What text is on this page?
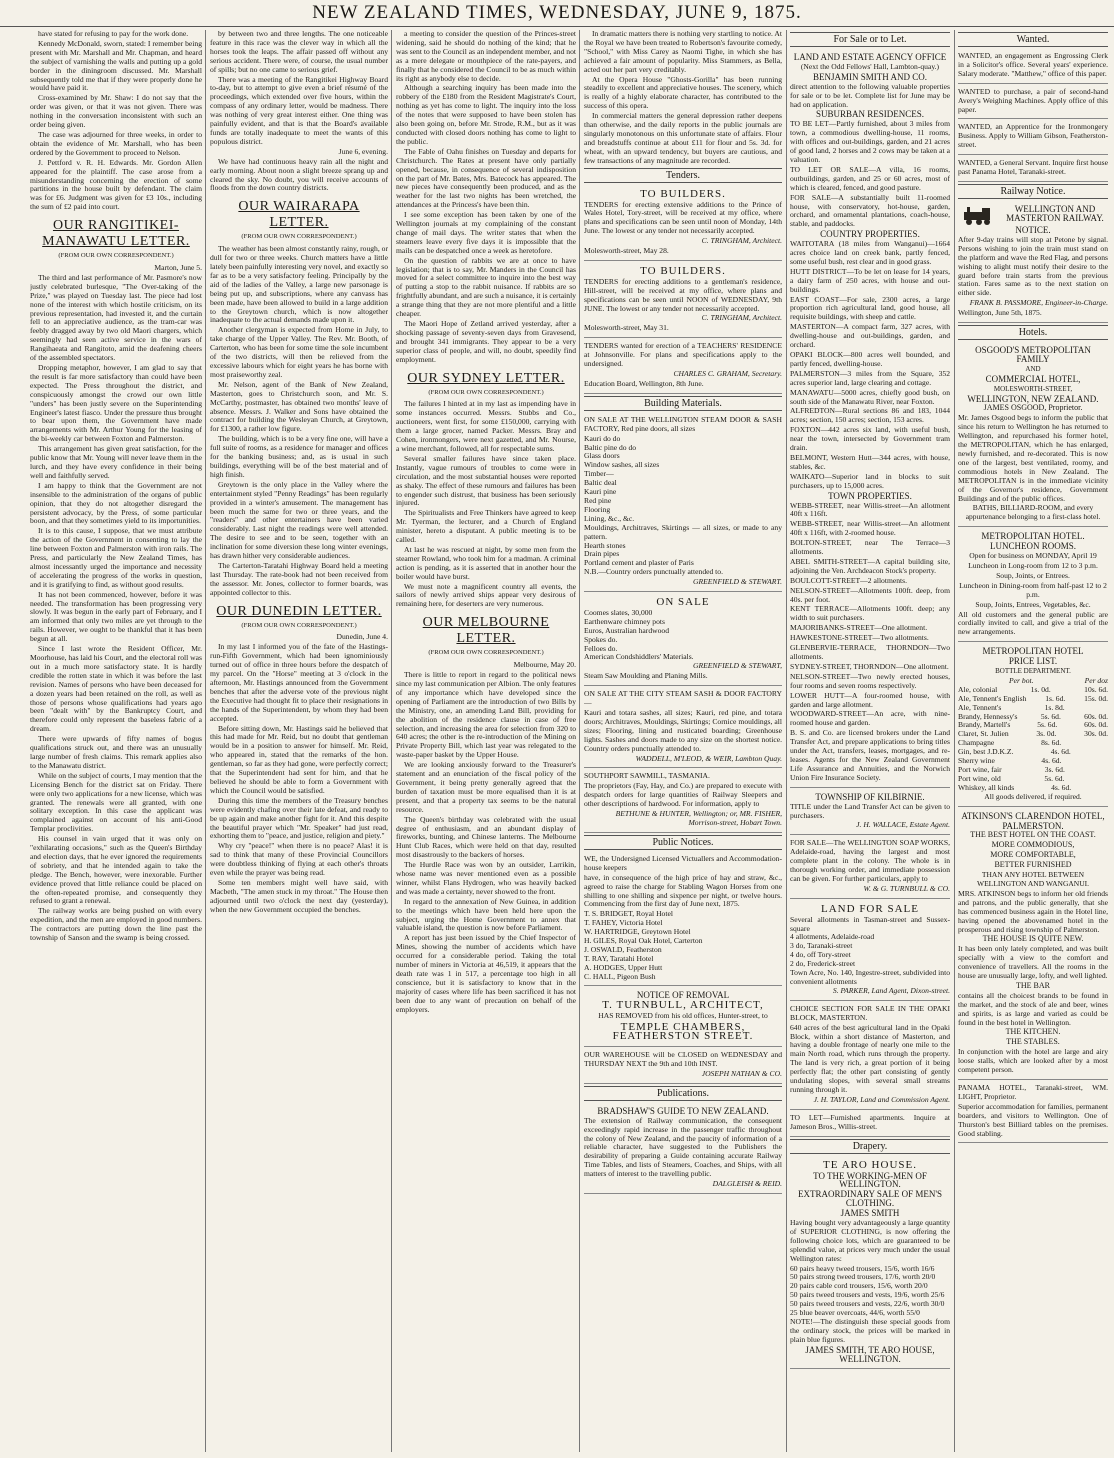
NEW ZEALAND TIMES, WEDNESDAY, JUNE 9, 1875.

have stated for refusing to pay for the work done.

Kennedy McDonald, sworn, stated: I remember being present with Mr. Marshall and Mr. Chapman, and heard the subject of varnishing the walls and putting up a gold border in the diningroom discussed. Mr. Marshall subsequently told me that if they were properly done he would have paid it.

Cross-examined by Mr. Shaw: I do not say that the order was given, or that it was not given. There was nothing in the conversation inconsistent with such an order being given.

The case was adjourned for three weeks, in order to obtain the evidence of Mr. Marshall, who has been ordered by the Government to proceed to Nelson.

J. Pettford v. R. H. Edwards. Mr. Gordon Allen appeared for the plaintiff. The case arose from a misunderstanding concerning the erection of some partitions in the house built by defendant. The claim was for £6. Judgment was given for £3 10s., including the sum of £2 paid into court.

OUR RANGITIKEI-MANAWATU LETTER.

(FROM OUR OWN CORRESPONDENT.)

Marton, June 5.

The third and last performance of Mr. Pasmore's now justly celebrated burlesque, "The Over-taking of the Prize," was played on Tuesday last. The piece had lost none of the interest with which hostile criticism, on its previous representation, had invested it, and the curtain fell to an appreciative audience, as the tram-car was feebly dragged away by two old Maori chargers, which seemingly had seen active service in the wars of Rangihaeata and Rangitoto, amid the deafening cheers of the assembled spectators.

Dropping metaphor, however, I am glad to say that the result is far more satisfactory than could have been expected. The Press throughout the district, and conspicuously amongst the crowd our own little "unders" has been justly severe on the Superintending Engineer's latest fiasco. Under the pressure thus brought to bear upon them, the Government have made arrangements with Mr. Arthur Young for the leasing of the bi-weekly car between Foxton and Palmerston.

This arrangement has given great satisfaction, for the public know that Mr. Young will never leave them in the lurch, and they have every confidence in their being well and faithfully served.

I am happy to think that the Government are not insensible to the administration of the organs of public opinion, that they do not altogether disregard the persistent advocacy, by the Press, of some particular boon, and that they sometimes yield to its importunities.

It is to this cause, I suppose, that we must attribute the action of the Government in consenting to lay the line between Foxton and Palmerston with iron rails. The Press, and particularly the New Zealand Times, has almost incessantly urged the importance and necessity of accelerating the progress of the works in question, and it is gratifying to find, as without good results.

It has not been commenced, however, before it was needed. The transformation has been progressing very slowly. It was begun in the early part of February, and I am informed that only two miles are yet through to the rails. However, we ought to be thankful that it has been begun at all.

Since I last wrote the Resident Officer, Mr. Moorhouse, has laid his Court, and the electoral roll was out in a much more satisfactory state. It is hardly credible the rotten state in which it was before the last revision. Names of persons who have been deceased for a dozen years had been retained on the roll, as well as those of persons whose qualifications had years ago been "dealt with" by the Bankruptcy Court, and therefore could only represent the baseless fabric of a dream.

There were upwards of fifty names of bogus qualifications struck out, and there was an unusually large number of fresh claims. This remark applies also to the Manawatu district.

While on the subject of courts, I may mention that the Licensing Bench for the district sat on Friday. There were only two applications for a new license, which was granted. The renewals were all granted, with one solitary exception. In this case the applicant was complained against on account of his anti-Good Templar proclivities.

His counsel in vain urged that it was only on "exhilarating occasions," such as the Queen's Birthday and election days, that he ever ignored the requirements of sobriety, and that he intended again to take the pledge. The Bench, however, were inexorable. Further evidence proved that little reliance could be placed on the often-repeated promise, and consequently they refused to grant a renewal.

The railway works are being pushed on with every expedition, and the men are employed in good numbers. The contractors are putting down the line past the township of Sanson and the swamp is being crossed.

by between two and three lengths. The one noticeable feature in this race was the clever way in which all the horses took the leaps. The affair passed off without any serious accident. There were, of course, the usual number of spills; but no one came to serious grief.

There was a meeting of the Rangitikei Highway Board to-day, but to attempt to give even a brief résumé of the proceedings, which extended over five hours, within the compass of any ordinary letter, would be madness. There was nothing of very great interest either. One thing was painfully evident, and that is that the Board's available funds are totally inadequate to meet the wants of this populous district.

June 6, evening.

We have had continuous heavy rain all the night and early morning. About noon a slight breeze sprang up and cleared the sky. No doubt, you will receive accounts of floods from the down country districts.

OUR WAIRARAPA LETTER.

(FROM OUR OWN CORRESPONDENT.)

The weather has been almost constantly rainy, rough, or dull for two or three weeks. Church matters have a little lately been painfully interesting very novel, and exactly so far as to be a very satisfactory feeling. Principally by the aid of the ladies of the Valley, a large new parsonage is being put up, and subscriptions, where any canvass has been made, have been allowed to build in a large addition to the Greytown church, which is now altogether inadequate to the actual demands made upon it.

Another clergyman is expected from Home in July, to take charge of the Upper Valley. The Rev. Mr. Booth, of Carterton, who has been for some time the sole incumbent of the two districts, will then be relieved from the excessive labours which for eight years he has borne with most praiseworthy zeal.

Mr. Nelson, agent of the Bank of New Zealand, Masterton, goes to Christchurch soon, and Mr. S. McCarthy, postmaster, has obtained two months' leave of absence. Messrs. J. Walker and Sons have obtained the contract for building the Wesleyan Church, at Greytown, for £1300, a rather low figure.

The building, which is to be a very fine one, will have a full suite of rooms, as a residence for manager and offices for the banking business; and, as is usual in such buildings, everything will be of the best material and of high finish.

Greytown is the only place in the Valley where the entertainment styled "Penny Readings" has been regularly provided in a winter's amusement. The management has been much the same for two or three years, and the "readers" and other entertainers have been varied considerably. Last night the readings were well attended. The desire to see and to be seen, together with an inclination for some diversion these long winter evenings, has drawn hither very considerable audiences.

The Carterton-Taratahi Highway Board held a meeting last Thursday. The rate-book had not been received from the assessor. Mr. Jones, collector to former boards, was appointed collector to this.

OUR DUNEDIN LETTER.

(FROM OUR OWN CORRESPONDENT.)

Dunedin, June 4.

In my last I informed you of the fate of the Hastings-run-Fifth Government, which had been ignominiously turned out of office in three hours before the despatch of my parcel. On the "Horse" meeting at 3 o'clock in the afternoon, Mr. Hastings announced from the Government benches that after the adverse vote of the previous night the Executive had thought fit to place their resignations in the hands of the Superintendent, by whom they had been accepted.

Before sitting down, Mr. Hastings said he believed that this had made for Mr. Reid, but no doubt that gentleman would be in a position to answer for himself. Mr. Reid, who appeared in, stated that the remarks of the hon. gentleman, so far as they had gone, were perfectly correct; that the Superintendent had sent for him, and that he believed he should be able to form a Government with which the Council would be satisfied.

During this time the members of the Treasury benches were evidently chafing over their late defeat, and ready to be up again and make another fight for it. And this despite the beautiful prayer which "Mr. Speaker" had just read, exhorting them to "peace, and justice, religion and piety."

Why cry "peace!" when there is no peace? Alas! it is sad to think that many of these Provincial Councillors were doubtless thinking of flying at each other's throats even while the prayer was being read.

Some ten members might well have said, with Macbeth, "The amen stuck in my throat." The House then adjourned until two o'clock the next day (yesterday), when the new Government occupied the benches.

a meeting to consider the question of the Princes-street widening, said he should do nothing of the kind; that he was sent to the Council as an independent member, and not as a mere delegate or mouthpiece of the rate-payers, and finally that he considered the Council to be as much within its right as anybody else to decide.

Although a searching inquiry has been made into the robbery of the £180 from the Resident Magistrate's Court, nothing as yet has come to light. The inquiry into the loss of the notes that were supposed to have been stolen has also been going on, before Mr. Strode, R.M., but as it was conducted with closed doors nothing has come to light to the public.

The Fable of Oahu finishes on Tuesday and departs for Christchurch. The Rates at present have only partially opened, because, in consequence of several indisposition on the part of Mr. Bates, Mrs. Batecock has appeared. The new pieces have consequently been produced, and as the weather for the last two nights has been wretched, the attendances at the Princess's have been thin.

I see some exception has been taken by one of the Wellington journals at my complaining of the constant change of mail days. The writer states that when the steamers leave every five days it is impossible that the mails can be despatched once a week as heretofore.

On the question of rabbits we are at once to have legislation; that is to say, Mr. Manders in the Council has moved for a select committee to inquire into the best way of putting a stop to the rabbit nuisance. If rabbits are so frightfully abundant, and are such a nuisance, it is certainly a strange thing that they are not more plentiful and a little cheaper.

The Maori Hope of Zetland arrived yesterday, after a shocking passage of seventy-seven days from Gravesend, and brought 341 immigrants. They appear to be a very superior class of people, and will, no doubt, speedily find employment.

OUR SYDNEY LETTER.

(FROM OUR OWN CORRESPONDENT.)

The failures I hinted at in my last as impending have in some instances occurred. Messrs. Stubbs and Co., auctioneers, went first, for some £150,000, carrying with them a large grocer, named Packer. Messrs. Bray and Cohen, ironmongers, were next gazetted, and Mr. Nourse, a wine merchant, followed, all for respectable sums.

Several smaller failures have since taken place. Instantly, vague rumours of troubles to come were in circulation, and the most substantial houses were reported as shaky. The effect of these rumours and failures has been to engender such distrust, that business has been seriously injured.

The Spiritualists and Free Thinkers have agreed to keep Mr. Tyerman, the lecturer, and a Church of England minister, hereto a disputant. A public meeting is to be called.

At last he was rescued at night, by some men from the steamer Rowland, who took him for a madman. A criminal action is pending, as it is asserted that in another hour the boiler would have burst.

We must note a magnificent country all events, the sailors of newly arrived ships appear very desirous of remaining here, for deserters are very numerous.

OUR MELBOURNE LETTER.

(FROM OUR OWN CORRESPONDENT.)

Melbourne, May 20.

There is little to report in regard to the political news since my last communication per Albion. The only features of any importance which have developed since the opening of Parliament are the introduction of two Bills by the Ministry, one, an amending Land Bill, providing for the abolition of the residence clause in case of free selection, and increasing the area for selection from 320 to 640 acres; the other is the re-introduction of the Mining on Private Property Bill, which last year was relegated to the waste-paper basket by the Upper House.

We are looking anxiously forward to the Treasurer's statement and an enunciation of the fiscal policy of the Government, it being pretty generally agreed that the burden of taxation must be more equalised than it is at present, and that a property tax seems to be the natural resource.

The Queen's birthday was celebrated with the usual degree of enthusiasm, and an abundant display of fireworks, bunting, and Chinese lanterns. The Melbourne Hunt Club Races, which were held on that day, resulted most disastrously to the backers of horses.

The Hurdle Race was won by an outsider, Larrikin, whose name was never mentioned even as a possible winner, whilst Flans Hydrogen, who was heavily backed and was made a certainty, never showed to the front.

In regard to the annexation of New Guinea, in addition to the meetings which have been held here upon the subject, urging the Home Government to annex that valuable island, the question is now before Parliament.

A report has just been issued by the Chief Inspector of Mines, showing the number of accidents which have occurred for a considerable period. Taking the total number of miners in Victoria at 46,519, it appears that the death rate was 1 in 517, a percentage too high in all conscience, but it is satisfactory to know that in the majority of cases where life has been sacrificed it has not been due to any want of precaution on behalf of the employers.

In dramatic matters there is nothing very startling to notice. At the Royal we have been treated to Robertson's favourite comedy, "School," with Miss Carey as Naomi Tighe, in which she has achieved a fair amount of popularity. Miss Stammers, as Bella, acted out her part very creditably.

At the Opera House "Ghosts-Gorilla" has been running steadily to excellent and appreciative houses. The scenery, which is really of a highly elaborate character, has contributed to the success of this opera.

In commercial matters the general depression rather deepens than otherwise, and the daily reports in the public journals are singularly monotonous on this unfortunate state of affairs. Flour and breadstuffs continue at about £11 for flour and 5s. 3d. for wheat, with an upward tendency, but buyers are cautious, and few transactions of any magnitude are recorded.

Tenders.
TO BUILDERS.

TENDERS for erecting extensive additions to the Prince of Wales Hotel, Tory-street, will be received at my office, where plans and specifications can be seen until noon of Monday, 14th June. The lowest or any tender not necessarily accepted.

C. TRINGHAM, Architect.

Molesworth-street, May 28.

TO BUILDERS.

TENDERS for erecting additions to a gentleman's residence, Hill-street, will be received at my office, where plans and specifications can be seen until NOON of WEDNESDAY, 9th JUNE. The lowest or any tender not necessarily accepted.

C. TRINGHAM, Architect.

Molesworth-street, May 31.

TENDERS wanted for erection of a TEACHERS' RESIDENCE at Johnsonville. For plans and specifications apply to the undersigned.

CHARLES C. GRAHAM, Secretary.

Education Board, Wellington, 8th June.

Building Materials.

ON SALE AT THE WELLINGTON STEAM DOOR & SASH FACTORY, Red pine doors, all sizes

Kauri do do
Baltic pine do do
Glass doors
Window sashes, all sizes
Timber—
Baltic deal
Kauri pine
Red pine
Flooring
Lining, &c., &c.
Mouldings, Architraves, Skirtings — all sizes, or made to any pattern.
Hearth stones
Drain pipes
Portland cement and plaster of Paris

N.B.—Country orders punctually attended to.

GREENFIELD & STEWART.

ON SALE
Coomes slates, 30,000
Earthenware chimney pots
Euros, Australian hardwood
Spokes do.
Felloes do.
American Condshiddlers' Materials.

GREENFIELD & STEWART,

Steam Saw Moulding and Planing Mills.

ON SALE AT THE CITY STEAM SASH & DOOR FACTORY—

Kauri and totara sashes, all sizes; Kauri, red pine, and totara doors; Architraves, Mouldings, Skirtings; Cornice mouldings, all sizes; Flooring, lining and rusticated boarding; Greenhouse lights. Sashes and doors made to any size on the shortest notice. Country orders punctually attended to.

WADDELL, M'LEOD, & WEIR, Lambton Quay.

SOUTHPORT SAWMILL, TASMANIA.

The proprietors (Fay, Hay, and Co.) are prepared to execute with despatch orders for large quantities of Railway Sleepers and other descriptions of hardwood. For information, apply to

BETHUNE & HUNTER, Wellington; or, MR. FISHER, Morrison-street, Hobart Town.

Public Notices.

WE, the Undersigned Licensed Victuallers and Accommodation-house keepers

have, in consequence of the high price of hay and straw, &c., agreed to raise the charge for Stabling Wagon Horses from one shilling to one shilling and sixpence per night, or twelve hours. Commencing from the first day of June next, 1875.

T. S. BRIDGET, Royal Hotel
T. FAHEY, Victoria Hotel
W. HARTRIDGE, Greytown Hotel
H. GILES, Royal Oak Hotel, Carterton
J. OSWALD, Featherston
T. RAY, Taratahi Hotel
A. HODGES, Upper Hutt
C. HALL, Pigeon Bush
NOTICE OF REMOVAL
T. TURNBULL, ARCHITECT,

HAS REMOVED from his old offices, Hunter-street, to

TEMPLE CHAMBERS, FEATHERSTON STREET.

OUR WAREHOUSE will be CLOSED on WEDNESDAY and THURSDAY NEXT the 9th and 10th INST.

JOSEPH NATHAN & CO.

Publications.
BRADSHAW'S GUIDE TO NEW ZEALAND.

The extension of Railway communication, the consequent exceedingly rapid increase in the passenger traffic throughout the colony of New Zealand, and the paucity of information of a reliable character, have suggested to the Publishers the desirability of preparing a Guide containing accurate Railway Time Tables, and lists of Steamers, Coaches, and Ships, with all matters of interest to the travelling public.

DALGLEISH & REID.

For Sale or to Let.
LAND AND ESTATE AGENCY OFFICE

(Next the Odd Fellows' Hall, Lambton-quay.)

BENJAMIN SMITH AND CO.

direct attention to the following valuable properties for sale or to be let. Complete list for June may be had on application.

SUBURBAN RESIDENCES.

TO BE LET—Partly furnished, about 3 miles from town, a commodious dwelling-house, 11 rooms, with offices and out-buildings, garden, and 21 acres of good land, 2 horses and 2 cows may be taken at a valuation.

TO LET OR SALE—A villa, 16 rooms, outbuildings, garden, and 25 or 60 acres, most of which is cleared, fenced, and good pasture.

FOR SALE—A substantially built 11-roomed house, with conservatory, hot-house, garden, orchard, and ornamental plantations, coach-house, stable, and paddocks.

COUNTRY PROPERTIES.

WAITOTARA (18 miles from Wanganui)—1664 acres choice land on creek bank, partly fenced, some useful bush, rest clear and in good grass.

HUTT DISTRICT—To be let on lease for 14 years, a dairy farm of 250 acres, with house and out-buildings.

EAST COAST—For sale, 2300 acres, a large proportion rich agricultural land, good house, all requisite buildings, with sheep and cattle.

MASTERTON—A compact farm, 327 acres, with dwelling-house and out-buildings, garden, and orchard.

OPAKI BLOCK—800 acres well bounded, and partly fenced, dwelling-house.

PALMERSTON—3 miles from the Square, 352 acres superior land, large clearing and cottage.

MANAWATU—5000 acres, chiefly good bush, on south side of the Manawatu River, near Foxton.

ALFREDTON—Rural sections 86 and 183, 1044 acres; section, 150 acres; section, 153 acres.

FOXTON—442 acres six land, with useful bush, near the town, intersected by Government tram drain.

BELMONT, Western Hutt—344 acres, with house, stables, &c.

WAIKATO—Superior land in blocks to suit purchasers, up to 15,000 acres.

TOWN PROPERTIES.

WEBB-STREET, near Willis-street—An allotment 40ft x 116ft.

WEBB-STREET, near Willis-street—An allotment 40ft x 116ft, with 2-roomed house.

BOLTON-STREET, near The Terrace—3 allotments.

ABEL SMITH-STREET—A capital building site, adjoining the Ven. Archdeacon Stock's property.

BOULCOTT-STREET—2 allotments.

NELSON-STREET—Allotments 100ft. deep, from 40s. per foot.

KENT TERRACE—Allotments 100ft. deep; any width to suit purchasers.

MAJORIBANKS-STREET—One allotment.

HAWKESTONE-STREET—Two allotments.

GLENBERVIE-TERRACE, THORNDON—Two allotments.

SYDNEY-STREET, THORNDON—One allotment.

NELSON-STREET—Two newly erected houses, four rooms and seven rooms respectively.

LOWER HUTT—A four-roomed house, with garden and large allotment.

WOODWARD-STREET—An acre, with nine-roomed house and garden.

B. S. and Co. are licensed brokers under the Land Transfer Act, and prepare applications to bring titles under the Act, transfers, leases, mortgages, and re-leases. Agents for the New Zealand Government Life Assurance and Annuities, and the Norwich Union Fire Insurance Society.

TOWNSHIP OF KILBIRNIE.

TITLE under the Land Transfer Act can be given to purchasers.

J. H. WALLACE, Estate Agent.

FOR SALE—The WELLINGTON SOAP WORKS, Adelaide-road, having the largest and most complete plant in the colony. The whole is in thorough working order, and immediate possession can be given. For further particulars, apply to

W. & G. TURNBULL & CO.

LAND FOR SALE
Several allotments in Tasman-street and Sussex-square
4 allotments, Adelaide-road
3 do, Taranaki-street
4 do, off Tory-street
2 do, Frederick-street
Town Acre, No. 140, Ingestre-street, subdivided into convenient allotments

S. PARKER, Land Agent, Dixon-street.

CHOICE SECTION FOR SALE IN THE OPAKI BLOCK, MASTERTON.

640 acres of the best agricultural land in the Opaki Block, within a short distance of Masterton, and having a double frontage of nearly one mile to the main North road, which runs through the property. The land is very rich, a great portion of it being perfectly flat; the other part consisting of gently undulating slopes, with several small streams running through it.

J. H. TAYLOR, Land and Commission Agent.

TO LET—Furnished apartments. Inquire at Jameson Bros., Willis-street.

Drapery.
TE ARO HOUSE.
TO THE WORKING-MEN OF WELLINGTON.
EXTRAORDINARY SALE OF MEN'S CLOTHING.
JAMES SMITH

Having bought very advantageously a large quantity of SUPERIOR CLOTHING, is now offering the following choice lots, which are guaranteed to be splendid value, at prices very much under the usual Wellington rates:

60 pairs heavy tweed trousers, 15/6, worth 16/6
50 pairs strong tweed trousers, 17/6, worth 20/0
20 pairs cable cord trousers, 15/6, worth 20/0
50 pairs tweed trousers and vests, 19/6, worth 25/6
50 pairs tweed trousers and vests, 22/6, worth 30/0
25 blue beaver overcoats, 44/6, worth 55/0

NOTE!—The distinguish these special goods from the ordinary stock, the prices will be marked in plain blue figures.

JAMES SMITH, TE ARO HOUSE, WELLINGTON.
Wanted.

WANTED, an engagement as Engrossing Clerk in a Solicitor's office. Several years' experience. Salary moderate. "Matthew," office of this paper.

WANTED to purchase, a pair of second-hand Avery's Weighing Machines. Apply office of this paper.

WANTED, an Apprentice for the Ironmongery Business. Apply to William Gibson, Featherston-street.

WANTED, a General Servant. Inquire first house past Panama Hotel, Taranaki-street.

Railway Notice.
WELLINGTON AND MASTERTON RAILWAY.
NOTICE.

After 9-day trains will stop at Petone by signal. Persons wishing to join the train must stand on the platform and wave the Red Flag, and persons wishing to alight must notify their desire to the guard before train starts from the previous station. Fares same as to the next station on either side.

FRANK B. PASSMORE, Engineer-in-Charge.

Wellington, June 5th, 1875.

Hotels.
OSGOOD'S METROPOLITAN FAMILY
AND
COMMERCIAL HOTEL,
MOLESWORTH-STREET,
WELLINGTON, NEW ZEALAND.
JAMES OSGOOD, Proprietor.

Mr. James Osgood begs to inform the public that since his return to Wellington he has returned to Wellington, and repurchased his former hotel, the METROPOLITAN, which he has enlarged, newly furnished, and re-decorated. This is now one of the largest, best ventilated, roomy, and commodious hotels in New Zealand. The METROPOLITAN is in the immediate vicinity of the Governor's residence, Government Buildings and of the public offices.

BATHS, BILLIARD-ROOM, and every appurtenance belonging to a first-class hotel.
METROPOLITAN HOTEL.
LUNCHEON ROOMS.

Open for business on MONDAY, April 19

Luncheon in Long-room from 12 to 3 p.m.

Soup, Joints, or Entrees.

Luncheon in Dining-room from half-past 12 to 2 p.m.

Soup, Joints, Entrees, Vegetables, &c.

All old customers and the general public are cordially invited to call, and give a trial of the new arrangements.

METROPOLITAN HOTEL
PRICE LIST.
BOTTLE DEPARTMENT.
Per bot.	Per doz
Ale, colonial	1s. 0d.	10s. 6d.
Ale, Tennent's English 1s. 6d. 15s. 0d.
Ale, Tennent's	1s. 8d.
Brandy, Hennessy's	5s. 6d.	60s. 0d.
Brandy, Martell's	5s. 6d.	60s. 0d.
Claret, St. Julien	3s. 0d.	30s. 0d.
Champagne	8s. 6d.
Gin, best J.D.K.Z.	4s. 6d.
Sherry wine	4s. 6d.
Port wine, fair	3s. 6d.
Port wine, old	5s. 6d.
Whiskey, all kinds	4s. 6d.

All goods delivered, if required.

ATKINSON'S CLARENDON HOTEL,
PALMERSTON.
THE BEST HOTEL ON THE COAST.
MORE COMMODIOUS,
MORE COMFORTABLE,
BETTER FURNISHED
THAN ANY HOTEL BETWEEN WELLINGTON AND WANGANUI.

MRS. ATKINSON begs to inform her old friends and patrons, and the public generally, that she has commenced business again in the Hotel line, having opened the abovenamed hotel in the prosperous and rising township of Palmerston.

THE HOUSE IS QUITE NEW.

It has been only lately completed, and was built specially with a view to the comfort and convenience of travellers. All the rooms in the house are unusually large, lofty, and well lighted.

THE BAR

contains all the choicest brands to be found in the market, and the stock of ale and beer, wines and spirits, is as large and varied as could be found in the best hotel in Wellington.

THE KITCHEN.
THE STABLES.

In conjunction with the hotel are large and airy loose stalls, which are looked after by a most competent person.

PANAMA HOTEL, Taranaki-street, WM. LIGHT, Proprietor.

Superior accommodation for families, permanent boarders, and visitors to Wellington. One of Thurston's best Billiard tables on the premises. Good stabling.
